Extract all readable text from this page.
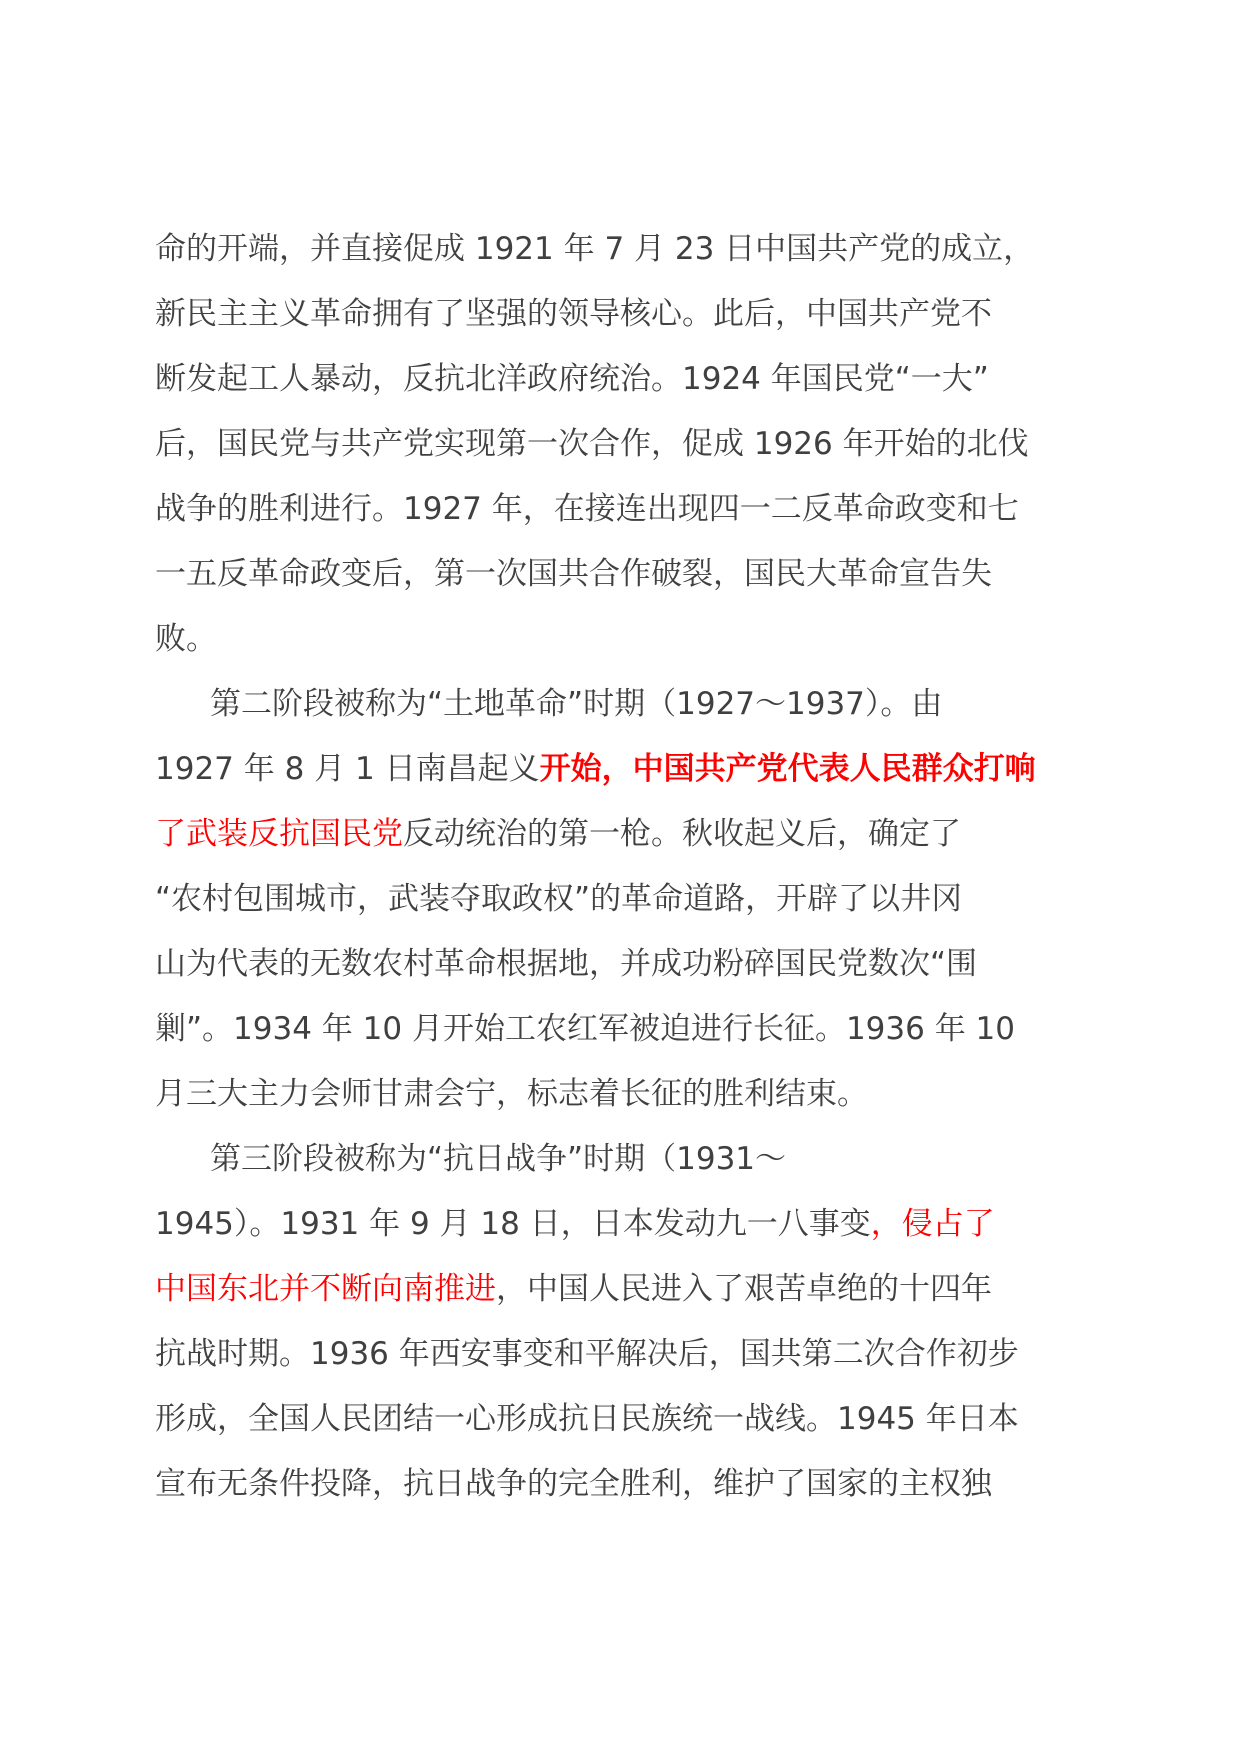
命的开端，并直接促成 1921 年 7 月 23 日中国共产党的成立，
新民主主义革命拥有了坚强的领导核心。此后，中国共产党不
断发起工人暴动，反抗北洋政府统治。1924 年国民党“一大”
后，国民党与共产党实现第一次合作，促成 1926 年开始的北伐
战争的胜利进行。1927 年，在接连出现四一二反革命政变和七
一五反革命政变后，第一次国共合作破裂，国民大革命宣告失
败。
第二阶段被称为“土地革命”时期（1927～1937）。由
1927 年 8 月 1 日南昌起义开始，中国共产党代表人民群众打响
了武装反抗国民党反动统治的第一枪。秋收起义后，确定了
“农村包围城市，武装夺取政权”的革命道路，开辟了以井冈
山为代表的无数农村革命根据地，并成功粉碎国民党数次“围
剿”。1934 年 10 月开始工农红军被迫进行长征。1936 年 10
月三大主力会师甘肃会宁，标志着长征的胜利结束。
第三阶段被称为“抗日战争”时期（1931～
1945）。1931 年 9 月 18 日，日本发动九一八事变，侵占了
中国东北并不断向南推进，中国人民进入了艰苦卓绝的十四年
抗战时期。1936 年西安事变和平解决后，国共第二次合作初步
形成，全国人民团结一心形成抗日民族统一战线。1945 年日本
宣布无条件投降，抗日战争的完全胜利，维护了国家的主权独
